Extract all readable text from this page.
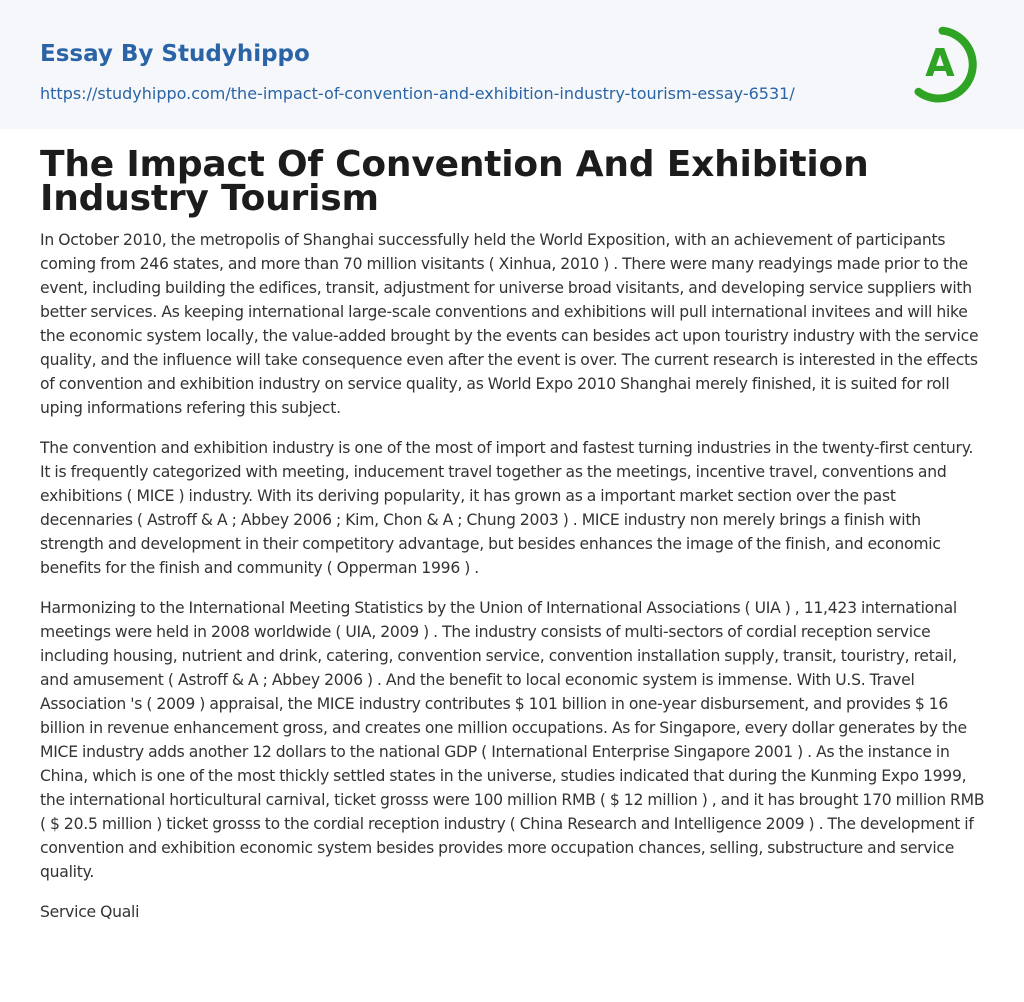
Essay By Studyhippo
https://studyhippo.com/the-impact-of-convention-and-exhibition-industry-tourism-essay-6531/
A
The Impact Of Convention And Exhibition Industry Tourism

In October 2010, the metropolis of Shanghai successfully held the World Exposition, with an achievement of participants coming from 246 states, and more than 70 million visitants ( Xinhua, 2010 ) . There were many readyings made prior to the event, including building the edifices, transit, adjustment for universe broad visitants, and developing service suppliers with better services. As keeping international large-scale conventions and exhibitions will pull international invitees and will hike the economic system locally, the value-added brought by the events can besides act upon touristry industry with the service quality, and the influence will take consequence even after the event is over. The current research is interested in the effects of convention and exhibition industry on service quality, as World Expo 2010 Shanghai merely finished, it is suited for roll uping informations refering this subject.

The convention and exhibition industry is one of the most of import and fastest turning industries in the twenty-first century. It is frequently categorized with meeting, inducement travel together as the meetings, incentive travel, conventions and exhibitions ( MICE ) industry. With its deriving popularity, it has grown as a important market section over the past decennaries ( Astroff & A ; Abbey 2006 ; Kim, Chon & A ; Chung 2003 ) . MICE industry non merely brings a finish with strength and development in their competitory advantage, but besides enhances the image of the finish, and economic benefits for the finish and community ( Opperman 1996 ) .

Harmonizing to the International Meeting Statistics by the Union of International Associations ( UIA ) , 11,423 international meetings were held in 2008 worldwide ( UIA, 2009 ) . The industry consists of multi-sectors of cordial reception service including housing, nutrient and drink, catering, convention service, convention installation supply, transit, touristry, retail, and amusement ( Astroff & A ; Abbey 2006 ) . And the benefit to local economic system is immense. With U.S. Travel Association 's ( 2009 ) appraisal, the MICE industry contributes $ 101 billion in one-year disbursement, and provides $ 16 billion in revenue enhancement gross, and creates one million occupations. As for Singapore, every dollar generates by the MICE industry adds another 12 dollars to the national GDP ( International Enterprise Singapore 2001 ) . As the instance in China, which is one of the most thickly settled states in the universe, studies indicated that during the Kunming Expo 1999, the international horticultural carnival, ticket grosss were 100 million RMB ( $ 12 million ) , and it has brought 170 million RMB ( $ 20.5 million ) ticket grosss to the cordial reception industry ( China Research and Intelligence 2009 ) . The development if convention and exhibition economic system besides provides more occupation chances, selling, substructure and service quality.

Service Quali
